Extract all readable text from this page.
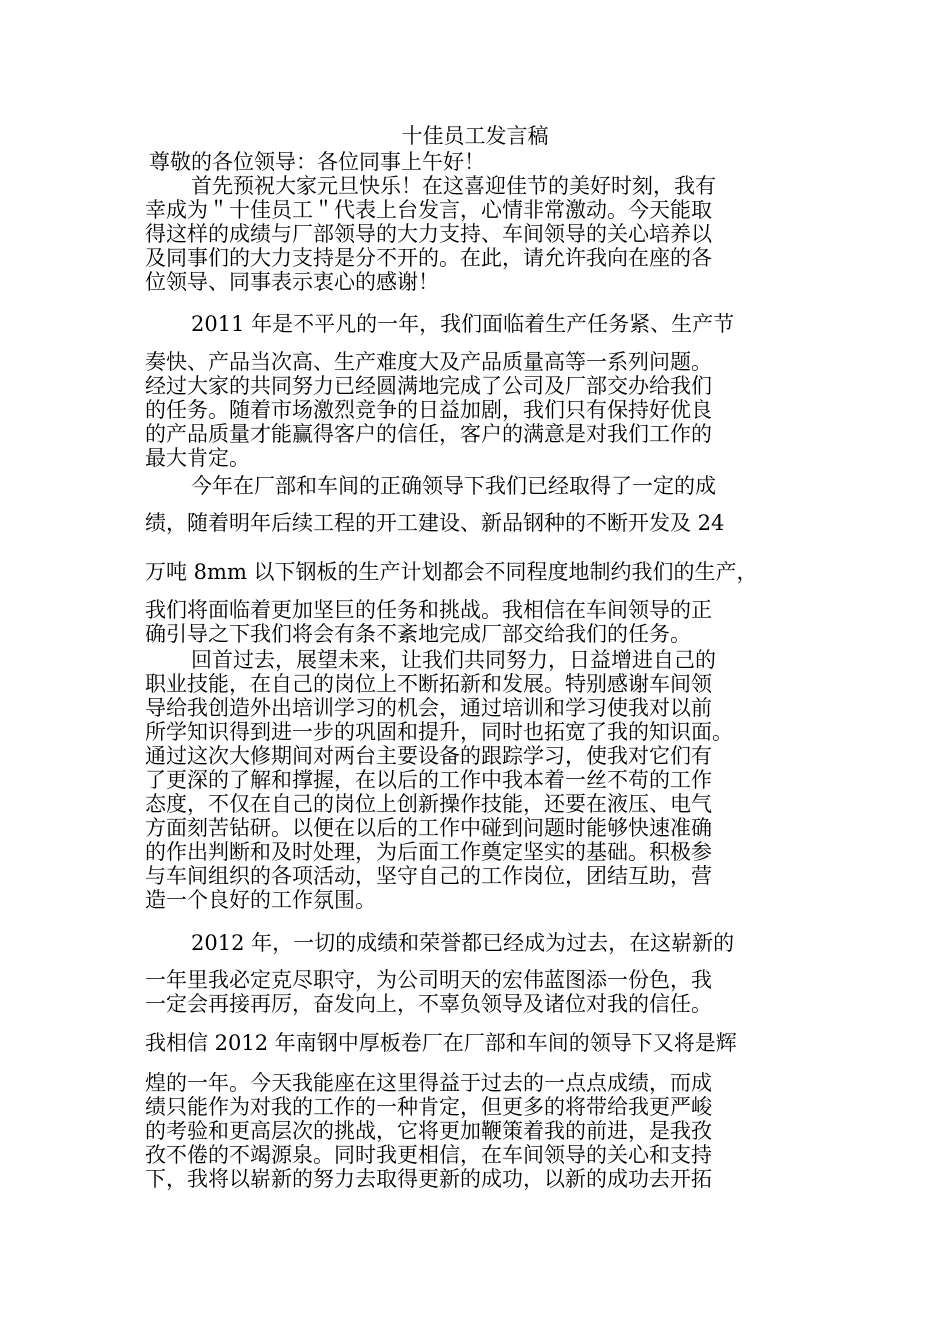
十佳员工发言稿
尊敬的各位领导：各位同事上午好！
首先预祝大家元旦快乐！在这喜迎佳节的美好时刻，我有
幸成为＂十佳员工＂代表上台发言，心情非常激动。今天能取
得这样的成绩与厂部领导的大力支持、车间领导的关心培养以
及同事们的大力支持是分不开的。在此，请允许我向在座的各
位领导、同事表示衷心的感谢！
2011 年是不平凡的一年，我们面临着生产任务紧、生产节
奏快、产品当次高、生产难度大及产品质量高等一系列问题。
经过大家的共同努力已经圆满地完成了公司及厂部交办给我们
的任务。随着市场激烈竞争的日益加剧，我们只有保持好优良
的产品质量才能赢得客户的信任，客户的满意是对我们工作的
最大肯定。
今年在厂部和车间的正确领导下我们已经取得了一定的成
绩，随着明年后续工程的开工建设、新品钢种的不断开发及 24
万吨 8mm 以下钢板的生产计划都会不同程度地制约我们的生产，
我们将面临着更加坚巨的任务和挑战。我相信在车间领导的正
确引导之下我们将会有条不紊地完成厂部交给我们的任务。
回首过去，展望未来，让我们共同努力，日益增进自己的
职业技能，在自己的岗位上不断拓新和发展。特别感谢车间领
导给我创造外出培训学习的机会，通过培训和学习使我对以前
所学知识得到进一步的巩固和提升，同时也拓宽了我的知识面。
通过这次大修期间对两台主要设备的跟踪学习，使我对它们有
了更深的了解和撑握，在以后的工作中我本着一丝不苟的工作
态度，不仅在自己的岗位上创新操作技能，还要在液压、电气
方面刻苦钻研。以便在以后的工作中碰到问题时能够快速准确
的作出判断和及时处理，为后面工作奠定坚实的基础。积极参
与车间组织的各项活动，坚守自己的工作岗位，团结互助，营
造一个良好的工作氛围。
2012 年，一切的成绩和荣誉都已经成为过去，在这崭新的
一年里我必定克尽职守，为公司明天的宏伟蓝图添一份色，我
一定会再接再厉，奋发向上，不辜负领导及诸位对我的信任。
我相信 2012 年南钢中厚板卷厂在厂部和车间的领导下又将是辉
煌的一年。今天我能座在这里得益于过去的一点点成绩，而成
绩只能作为对我的工作的一种肯定，但更多的将带给我更严峻
的考验和更高层次的挑战，它将更加鞭策着我的前进，是我孜
孜不倦的不竭源泉。同时我更相信，在车间领导的关心和支持
下，我将以崭新的努力去取得更新的成功，以新的成功去开拓
